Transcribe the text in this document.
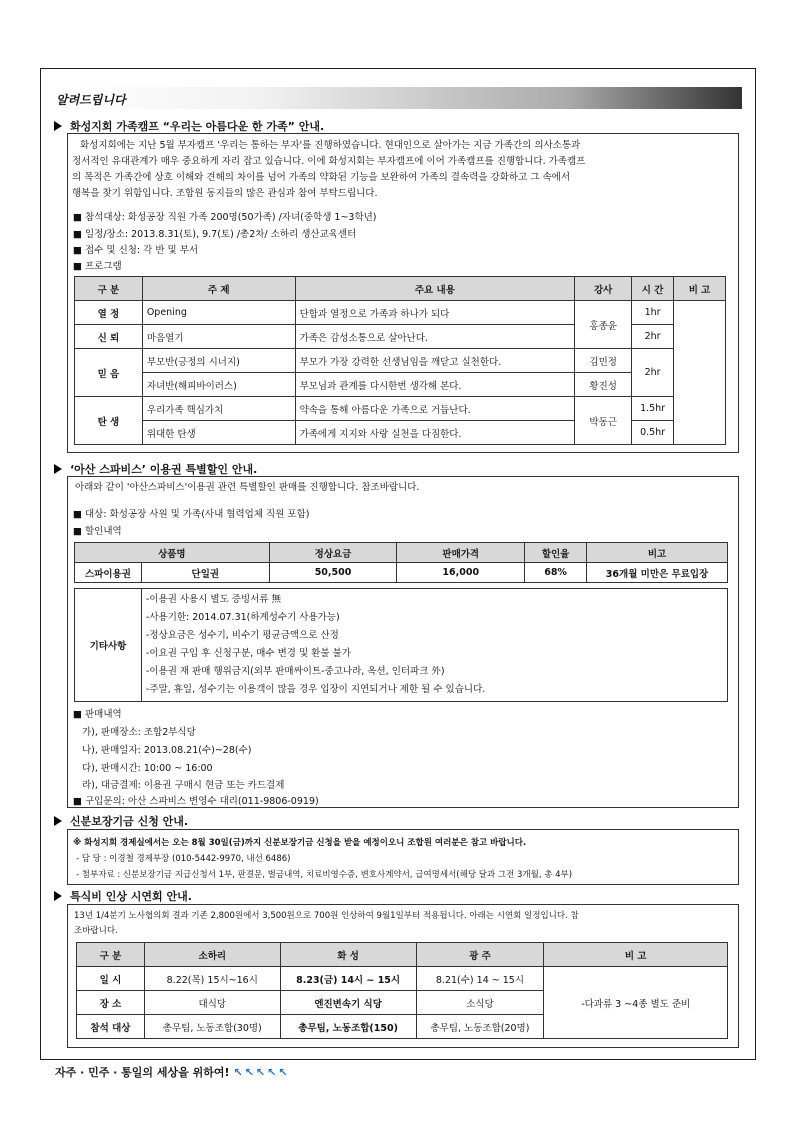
알려드립니다
화성지회 가족캠프 “우리는 아름다운 한 가족” 안내.
화성지회에는 지난 5월 부자캠프 '우리는 통하는 부자'를 진행하였습니다. 현대인으로 살아가는 지금 가족간의 의사소통과
정서적인 유대관계가 매우 중요하게 자리 잡고 있습니다. 이에 화성지회는 부자캠프에 이어 가족캠프를 진행합니다. 가족캠프
의 목적은 가족간에 상호 이해와 견해의 차이를 넘어 가족의 약화된 기능을 보완하여 가족의 결속력을 강화하고 그 속에서
행복을 찾기 위함입니다. 조합원 동지들의 많은 관심과 참여 부탁드립니다.
■ 참석대상: 화성공장 직원 가족 200명(50가족) /자녀(중학생 1~3학년)
■ 일정/장소: 2013.8.31(토), 9.7(토) /총2차/ 소하리 생산교육센터
■ 접수 및 신청: 각 반 및 부서
■ 프로그램
구 분	주 제	주요 내용	강사	시 간	비 고
열 정	Opening	단합과 열정으로 가족과 하나가 되다	홍종윤	1hr	
신 뢰	마음열기	가족은 감성소통으로 살아난다.		2hr	
믿 음	부모반(긍정의 시너지)	부모가 가장 강력한 선생님임을 깨닫고 실천한다.	김민정	2hr	
	자녀반(해피바이러스)	부모님과 관계를 다시한번 생각해 본다.	황진성		
탄 생	우리가족 핵심가치	약속을 통해 아름다운 가족으로 거듭난다.	박동근	1.5hr	
	위대한 탄생	가족에게 지지와 사랑 실천을 다짐한다.		0.5hr	
‘아산 스파비스’ 이용권 특별할인 안내.
아래와 같이 '아산스파비스'이용권 관련 특별할인 판매를 진행합니다. 참조바랍니다.
■ 대상: 화성공장 사원 및 가족(사내 협력업체 직원 포함)
■ 할인내역
상품명		정상요금	판매가격	할인율	비고
스파이용권	단일권	50,500	16,000	68%	36개월 미만은 무료입장
기타사항	
-이용권 사용시 별도 증빙서류 無
-사용기한: 2014.07.31(하계성수기 사용가능)
-정상요금은 성수기, 비수기 평균금액으로 산정
-이요권 구입 후 신청구분, 매수 변경 및 환불 불가
-이용권 재 판매 행위금지(외부 판매싸이트-중고나라, 옥션, 인터파크 外)
-주말, 휴일, 성수기는 이용객이 많을 경우 입장이 지연되거나 제한 될 수 있습니다.
■ 판매내역
가), 판매장소: 조합2부식당
나), 판매일자: 2013.08.21(수)~28(수)
다), 판매시간: 10:00 ~ 16:00
라), 대금결제: 이용권 구매시 현금 또는 카드결제
■ 구입문의: 아산 스파비스 변영수 대리(011-9806-0919)
신분보장기금 신청 안내.
※ 화성지회 경제실에서는 오는 8월 30일(금)까지 신분보장기금 신청을 받을 예정이오니 조합원 여러분은 참고 바랍니다.
- 담 당 : 이경철 경제부장 (010-5442-9970, 내선 6486)
- 첨부자료 : 신분보장기금 지급신청서 1부, 판결문, 벌금내역, 치료비영수증, 변호사계약서, 급여명세서(해당 달과 그전 3개월, 총 4부)
특식비 인상 시연회 안내.
13년 1/4분기 노사협의회 결과 기존 2,800원에서 3,500원으로 700원 인상하여 9월1일부터 적용됩니다. 아래는 시연회 일정입니다. 참
조바랍니다.
구 분	소하리	화 성	광 주	비 고
일 시	8.22(목) 15시~16시	8.23(금) 14시 ~ 15시	8.21(수) 14 ~ 15시	-다과류 3 ~4종 별도 준비
장 소	대식당	엔진변속기 식당	소식당	
참석 대상	총무팀, 노동조합(30명)	총무팀, 노동조합(150)	총무팀, 노동조합(20명)	
자주 · 민주 · 통일의 세상을 위하여! ↖↖↖↖↖
